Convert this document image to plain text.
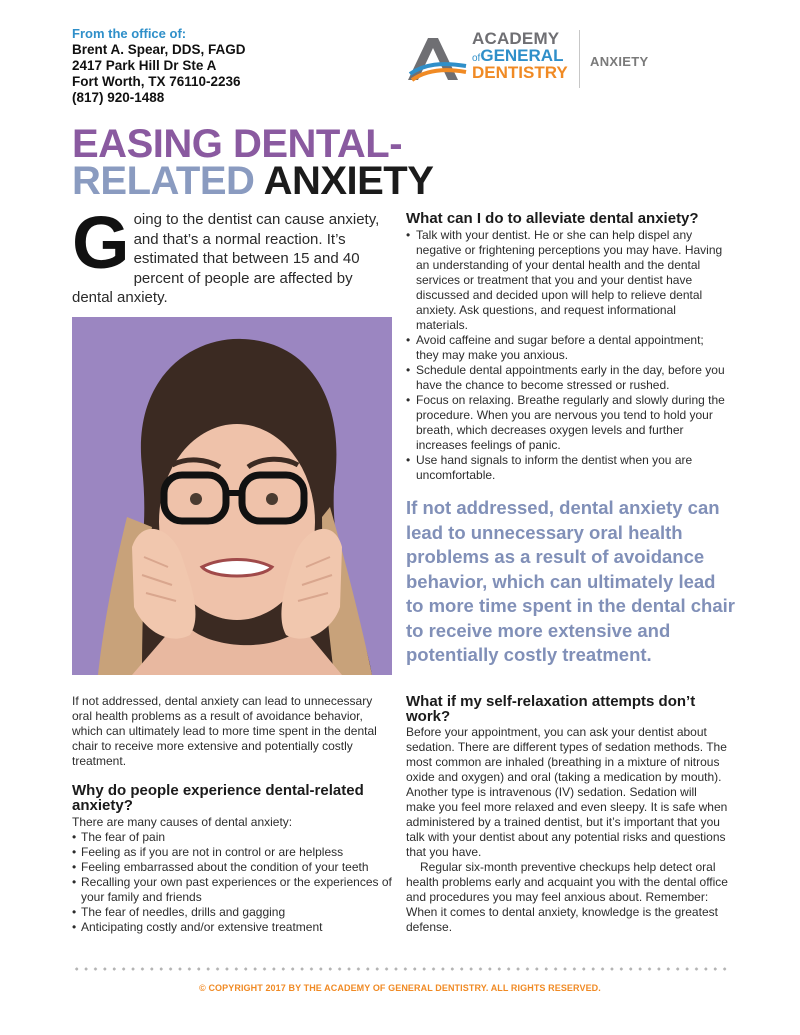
From the office of:
Brent A. Spear, DDS, FAGD
2417 Park Hill Dr Ste A
Fort Worth, TX 76110-2236
(817) 920-1488
ACADEMY
ofGENERAL
DENTISTRY
ANXIETY
EASING DENTAL-
RELATED ANXIETY
Going to the dentist can cause anxiety, and that’s a normal reaction. It’s estimated that between 15 and 40 percent of people are affected by dental anxiety.
If not addressed, dental anxiety can lead to unnecessary oral health problems as a result of avoidance behavior, which can ultimately lead to more time spent in the dental chair to receive more extensive and potentially costly treatment.
Why do people experience dental-related anxiety?
There are many causes of dental anxiety:
• The fear of pain
• Feeling as if you are not in control or are helpless
• Feeling embarrassed about the condition of your teeth
• Recalling your own past experiences or the experiences of your family and friends
• The fear of needles, drills and gagging
• Anticipating costly and/or extensive treatment
What can I do to alleviate dental anxiety?
• Talk with your dentist. He or she can help dispel any negative or frightening perceptions you may have. Having an understanding of your dental health and the dental services or treatment that you and your dentist have discussed and decided upon will help to relieve dental anxiety. Ask questions, and request informational materials.
• Avoid caffeine and sugar before a dental appointment; they may make you anxious.
• Schedule dental appointments early in the day, before you have the chance to become stressed or rushed.
• Focus on relaxing. Breathe regularly and slowly during the procedure. When you are nervous you tend to hold your breath, which decreases oxygen levels and further increases feelings of panic.
• Use hand signals to inform the dentist when you are uncomfortable.
If not addressed, dental anxiety can lead to unnecessary oral health problems as a result of avoidance behavior, which can ultimately lead to more time spent in the dental chair to receive more extensive and potentially costly treatment.
What if my self-relaxation attempts don’t work?

Before your appointment, you can ask your dentist about sedation. There are different types of sedation methods. The most common are inhaled (breathing in a mixture of nitrous oxide and oxygen) and oral (taking a medication by mouth). Another type is intravenous (IV) sedation. Sedation will make you feel more relaxed and even sleepy. It is safe when administered by a trained dentist, but it’s important that you talk with your dentist about any potential risks and questions that you have.

Regular six-month preventive checkups help detect oral health problems early and acquaint you with the dental office and procedures you may feel anxious about. Remember: When it comes to dental anxiety, knowledge is the greatest defense.

© COPYRIGHT 2017 BY THE ACADEMY OF GENERAL DENTISTRY. ALL RIGHTS RESERVED.
